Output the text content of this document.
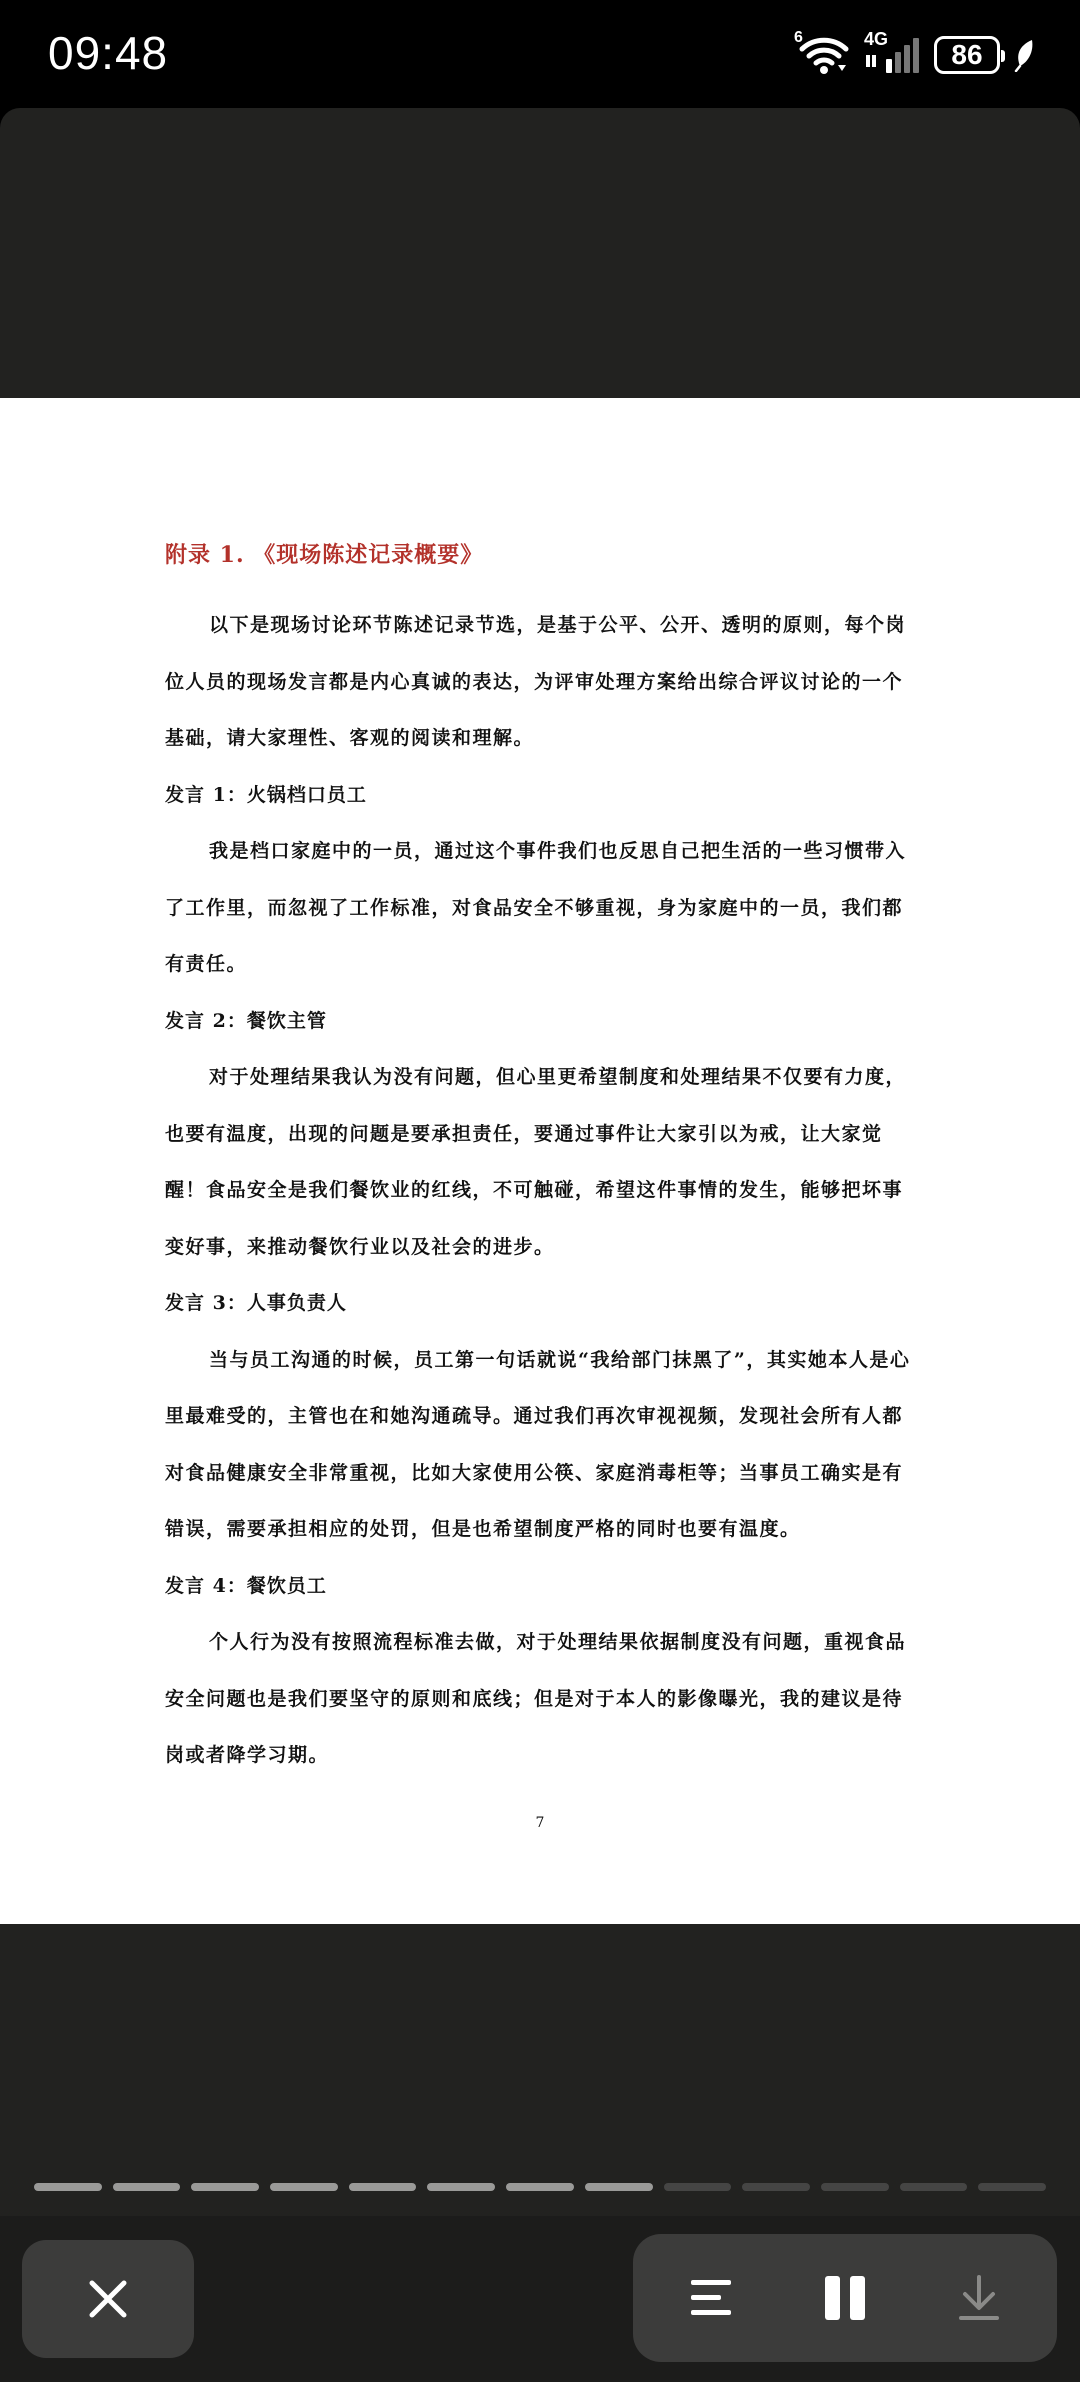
09:48	6	4G 86
附录 1. 《现场陈述记录概要》

以下是现场讨论环节陈述记录节选，是基于公平、公开、透明的原则，每个岗位人员的现场发言都是内心真诚的表达，为评审处理方案给出综合评议讨论的一个基础，请大家理性、客观的阅读和理解。

发言 1：火锅档口员工

我是档口家庭中的一员，通过这个事件我们也反思自己把生活的一些习惯带入了工作里，而忽视了工作标准，对食品安全不够重视，身为家庭中的一员，我们都有责任。

发言 2：餐饮主管

对于处理结果我认为没有问题，但心里更希望制度和处理结果不仅要有力度，也要有温度，出现的问题是要承担责任，要通过事件让大家引以为戒，让大家觉醒！食品安全是我们餐饮业的红线，不可触碰，希望这件事情的发生，能够把坏事变好事，来推动餐饮行业以及社会的进步。

发言 3：人事负责人

当与员工沟通的时候，员工第一句话就说“我给部门抹黑了”，其实她本人是心里最难受的，主管也在和她沟通疏导。通过我们再次审视视频，发现社会所有人都对食品健康安全非常重视，比如大家使用公筷、家庭消毒柜等；当事员工确实是有错误，需要承担相应的处罚，但是也希望制度严格的同时也要有温度。

发言 4：餐饮员工

个人行为没有按照流程标准去做，对于处理结果依据制度没有问题，重视食品安全问题也是我们要坚守的原则和底线；但是对于本人的影像曝光，我的建议是待岗或者降学习期。

7
